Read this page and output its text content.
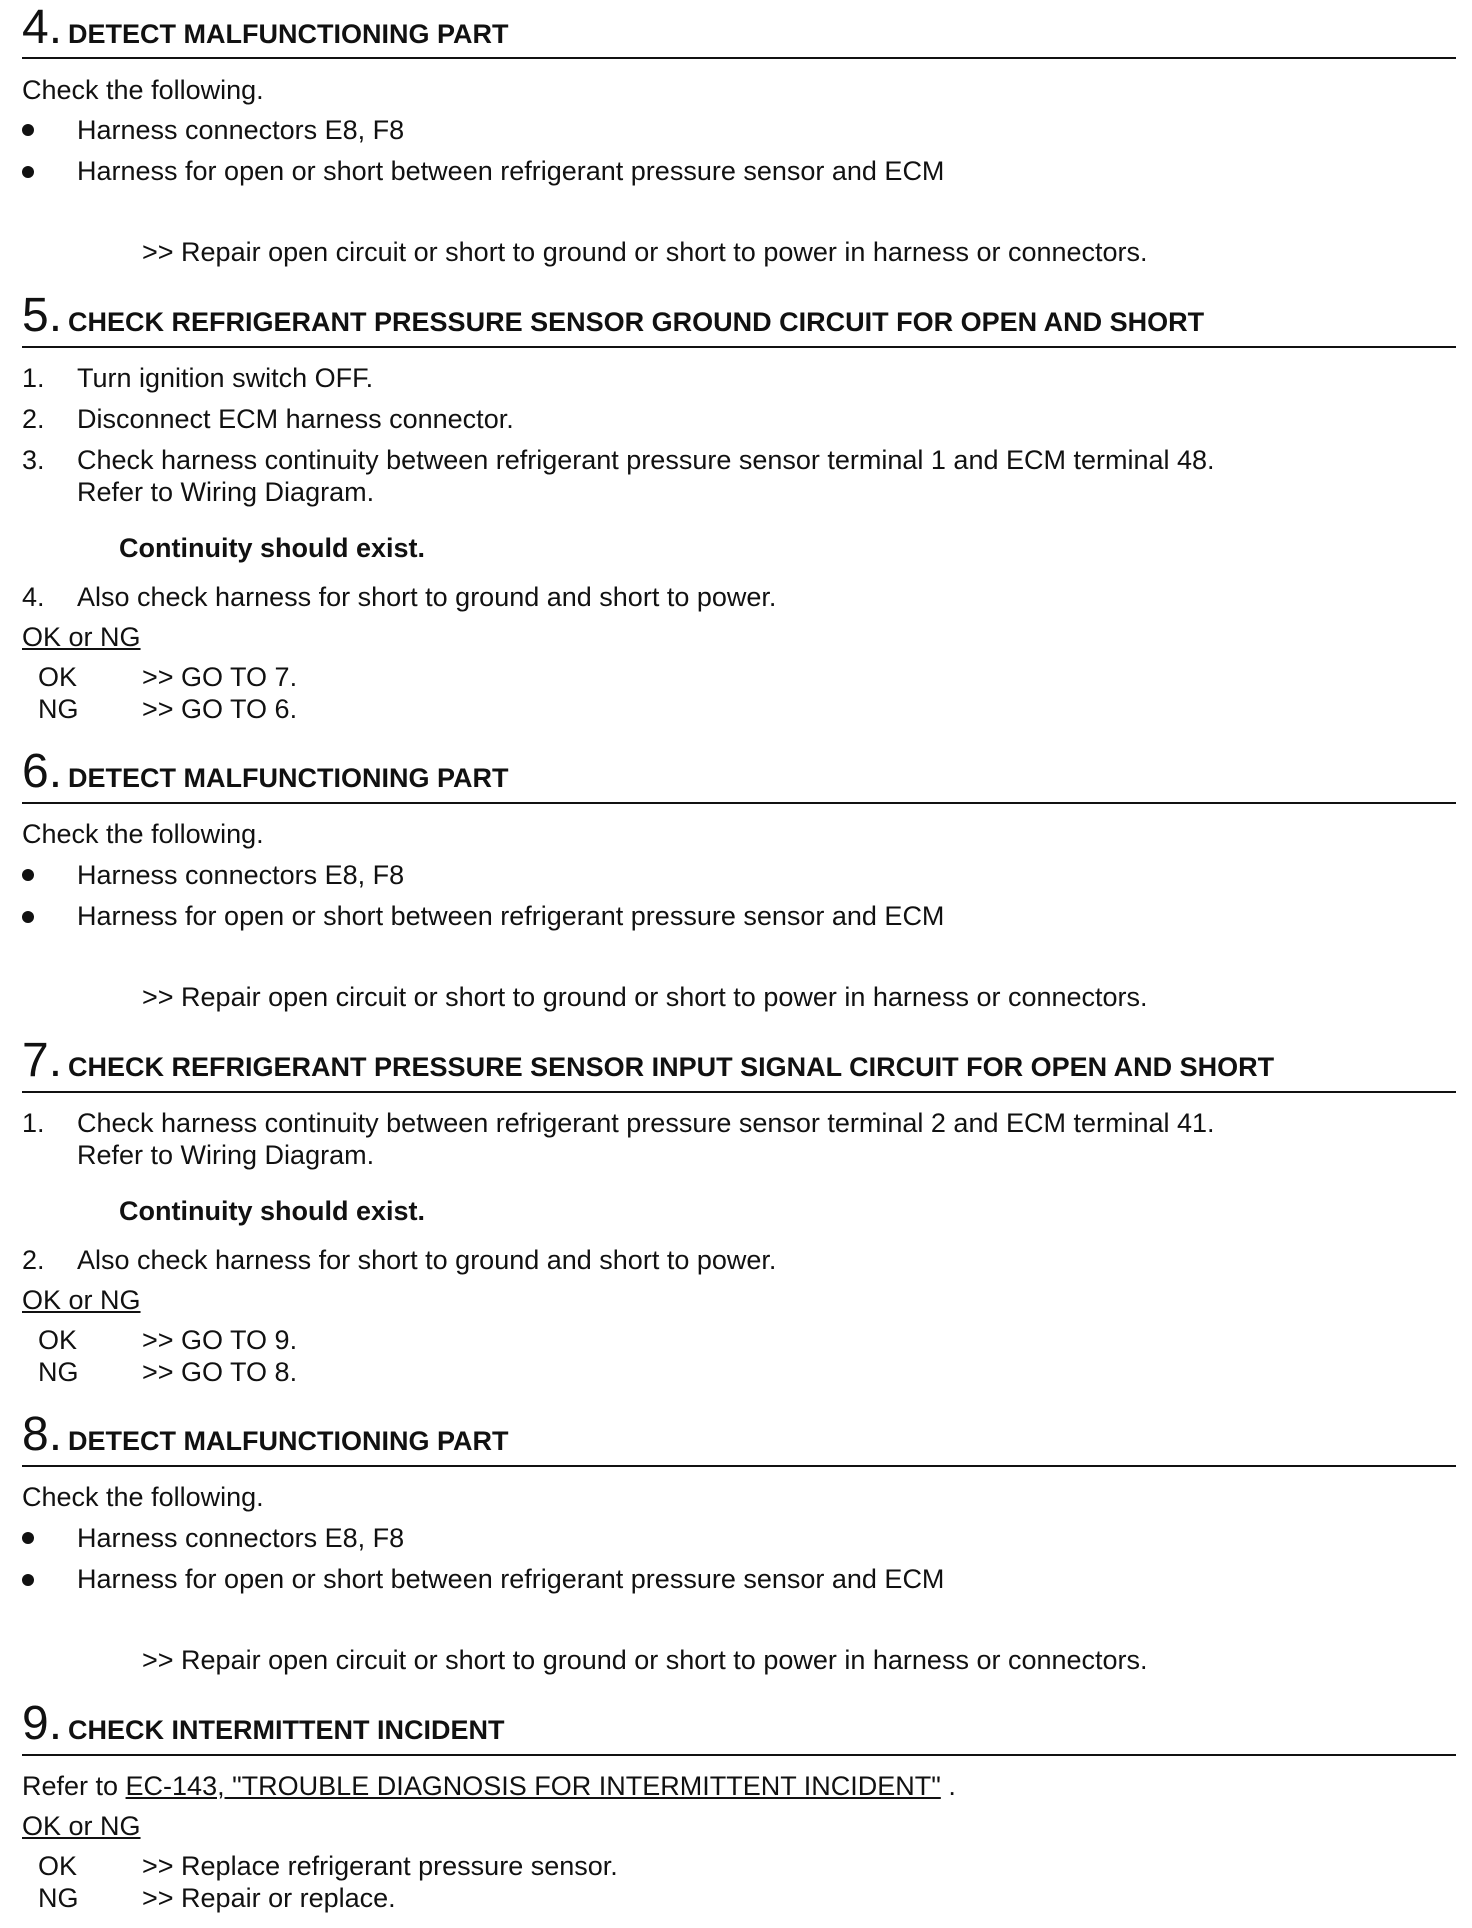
4. DETECT MALFUNCTIONING PART
Check the following.
Harness connectors E8, F8
Harness for open or short between refrigerant pressure sensor and ECM
>> Repair open circuit or short to ground or short to power in harness or connectors.
5. CHECK REFRIGERANT PRESSURE SENSOR GROUND CIRCUIT FOR OPEN AND SHORT
1. Turn ignition switch OFF.
2. Disconnect ECM harness connector.
3. Check harness continuity between refrigerant pressure sensor terminal 1 and ECM terminal 48.
Refer to Wiring Diagram.
Continuity should exist.
4. Also check harness for short to ground and short to power.
OK or NG
OK >> GO TO 7.
NG >> GO TO 6.
6. DETECT MALFUNCTIONING PART
Check the following.
Harness connectors E8, F8
Harness for open or short between refrigerant pressure sensor and ECM
>> Repair open circuit or short to ground or short to power in harness or connectors.
7. CHECK REFRIGERANT PRESSURE SENSOR INPUT SIGNAL CIRCUIT FOR OPEN AND SHORT
1. Check harness continuity between refrigerant pressure sensor terminal 2 and ECM terminal 41.
Refer to Wiring Diagram.
Continuity should exist.
2. Also check harness for short to ground and short to power.
OK or NG
OK >> GO TO 9.
NG >> GO TO 8.
8. DETECT MALFUNCTIONING PART
Check the following.
Harness connectors E8, F8
Harness for open or short between refrigerant pressure sensor and ECM
>> Repair open circuit or short to ground or short to power in harness or connectors.
9. CHECK INTERMITTENT INCIDENT
Refer to EC-143, "TROUBLE DIAGNOSIS FOR INTERMITTENT INCIDENT" .
OK or NG
OK >> Replace refrigerant pressure sensor.
NG >> Repair or replace.
